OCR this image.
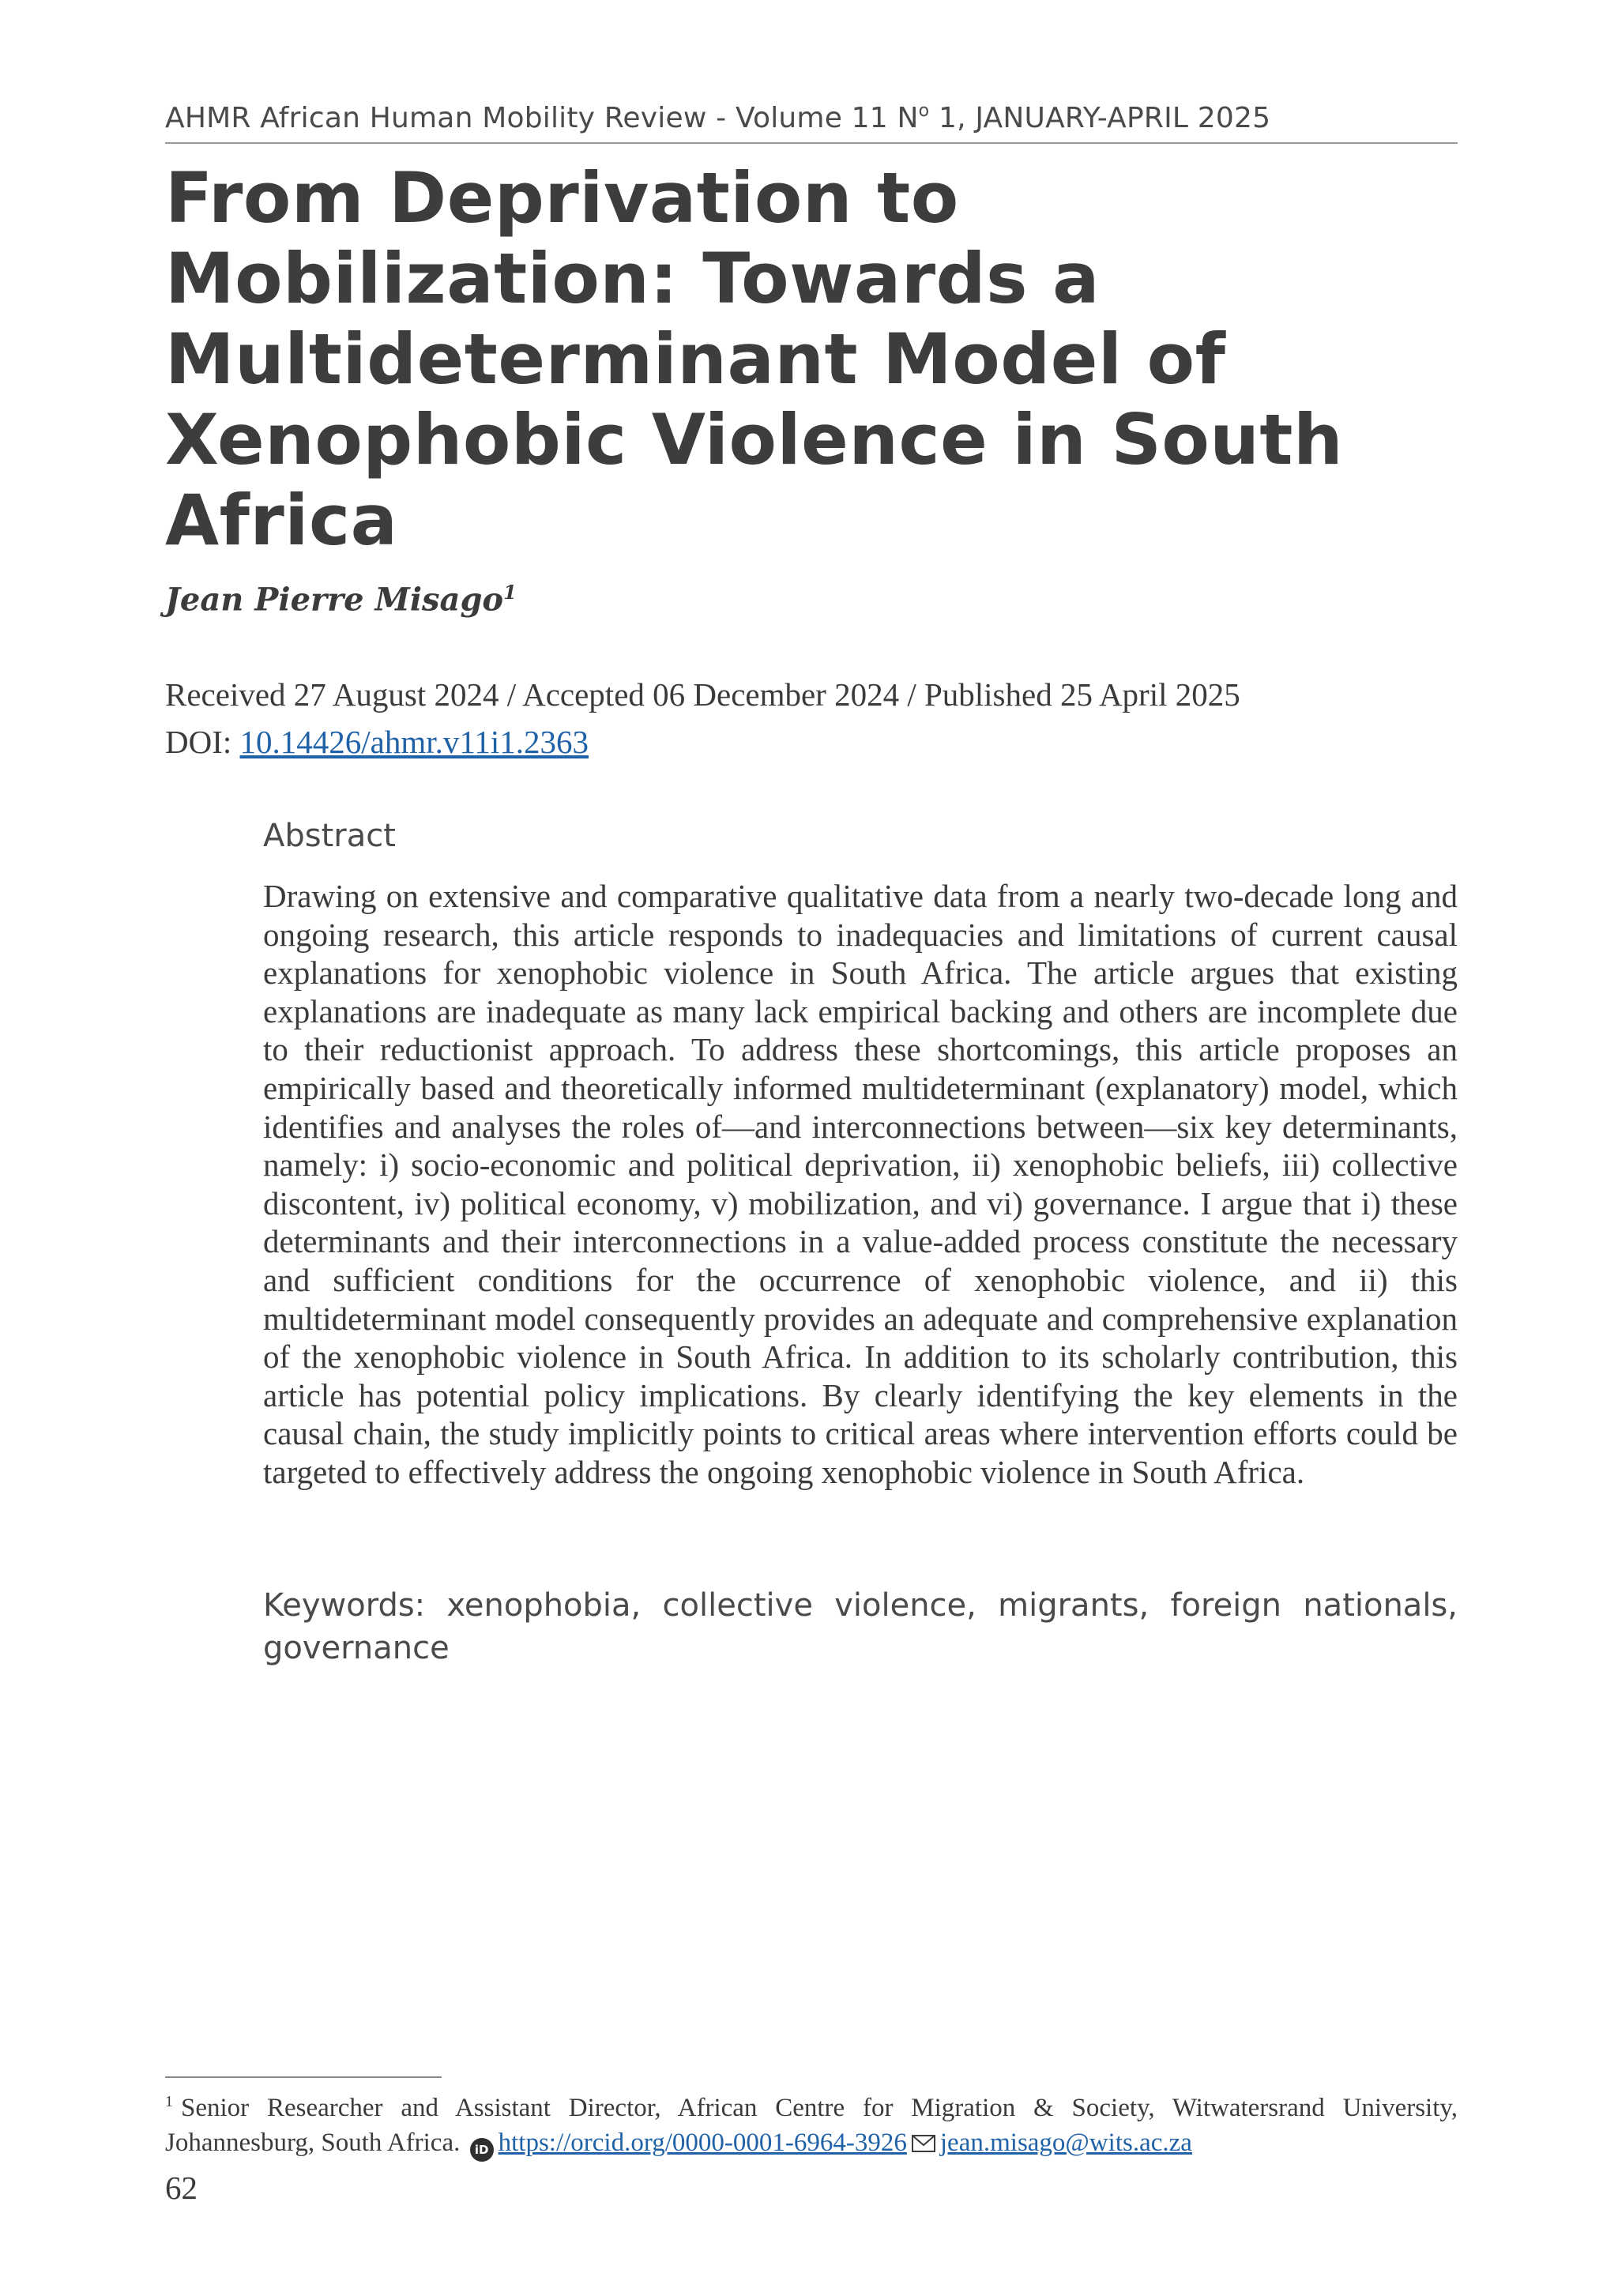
AHMR African Human Mobility Review - Volume 11 $N^o$ 1, JANUARY-APRIL 2025
From Deprivation to Mobilization: Towards a Multideterminant Model of Xenophobic Violence in South Africa
Jean Pierre Misago$^1$
Received 27 August 2024 / Accepted 06 December 2024 / Published 25 April 2025
DOI: 10.14426/ahmr.v11i1.2363
Abstract

Drawing on extensive and comparative qualitative data from a nearly two-decade long and ongoing research, this article responds to inadequacies and limitations of current causal explanations for xenophobic violence in South Africa. The article argues that existing explanations are inadequate as many lack empirical backing and others are incomplete due to their reductionist approach. To address these shortcomings, this article proposes an empirically based and theoretically informed multideterminant (explanatory) model, which identifies and analyses the roles of—and interconnections between—six key determinants, namely: i) socio-economic and political deprivation, ii) xenophobic beliefs, iii) collective discontent, iv) political economy, v) mobilization, and vi) governance. I argue that i) these determinants and their interconnections in a value-added process constitute the necessary and sufficient conditions for the occurrence of xenophobic violence, and ii) this multideterminant model consequently provides an adequate and comprehensive explanation of the xenophobic violence in South Africa. In addition to its scholarly contribution, this article has potential policy implications. By clearly identifying the key elements in the causal chain, the study implicitly points to critical areas where intervention efforts could be targeted to effectively address the ongoing xenophobic violence in South Africa.

Keywords: xenophobia, collective violence, migrants, foreign nationals, governance

$^1$ Senior Researcher and Assistant Director, African Centre for Migration & Society, Witwatersrand University, Johannesburg, South Africa. iD https://orcid.org/0000-0001-6964-3926 jean.misago@wits.ac.za

62
